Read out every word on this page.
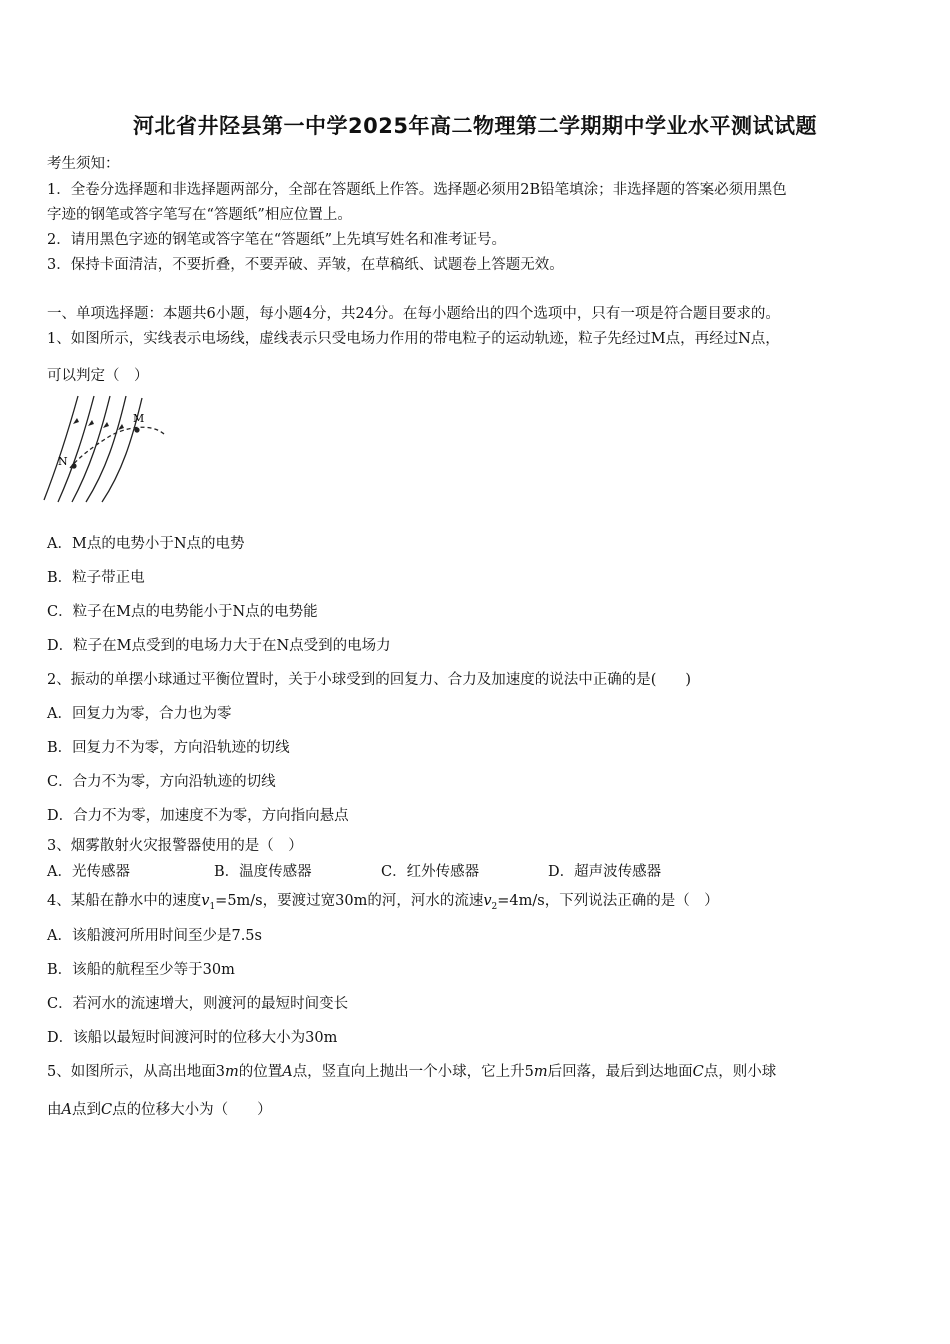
河北省井陉县第一中学2025年高二物理第二学期期中学业水平测试试题
考生须知：
1．全卷分选择题和非选择题两部分，全部在答题纸上作答。选择题必须用2B铅笔填涂；非选择题的答案必须用黑色
字迹的钢笔或答字笔写在“答题纸”相应位置上。
2．请用黑色字迹的钢笔或答字笔在“答题纸”上先填写姓名和准考证号。
3．保持卡面清洁，不要折叠，不要弄破、弄皱，在草稿纸、试题卷上答题无效。
一、单项选择题：本题共6小题，每小题4分，共24分。在每小题给出的四个选项中，只有一项是符合题目要求的。
1、如图所示，实线表示电场线，虚线表示只受电场力作用的带电粒子的运动轨迹，粒子先经过M点，再经过N点，
可以判定（　）
M
N
A．M点的电势小于N点的电势
B．粒子带正电
C．粒子在M点的电势能小于N点的电势能
D．粒子在M点受到的电场力大于在N点受到的电场力
2、振动的单摆小球通过平衡位置时，关于小球受到的回复力、合力及加速度的说法中正确的是(　　)
A．回复力为零，合力也为零
B．回复力不为零，方向沿轨迹的切线
C．合力不为零，方向沿轨迹的切线
D．合力不为零，加速度不为零，方向指向悬点
3、烟雾散射火灾报警器使用的是（　）
A．光传感器	B．温度传感器	C．红外传感器	D．超声波传感器
4、某船在静水中的速度$v_1=5m/s$，要渡过宽30m的河，河水的流速$v_2=4m/s$，下列说法正确的是（　）
A．该船渡河所用时间至少是7.5s
B．该船的航程至少等于30m
C．若河水的流速增大，则渡河的最短时间变长
D．该船以最短时间渡河时的位移大小为30m
5、如图所示，从高出地面3m的位置A点，竖直向上抛出一个小球，它上升5m后回落，最后到达地面C点，则小球
由A点到C点的位移大小为（　　）
